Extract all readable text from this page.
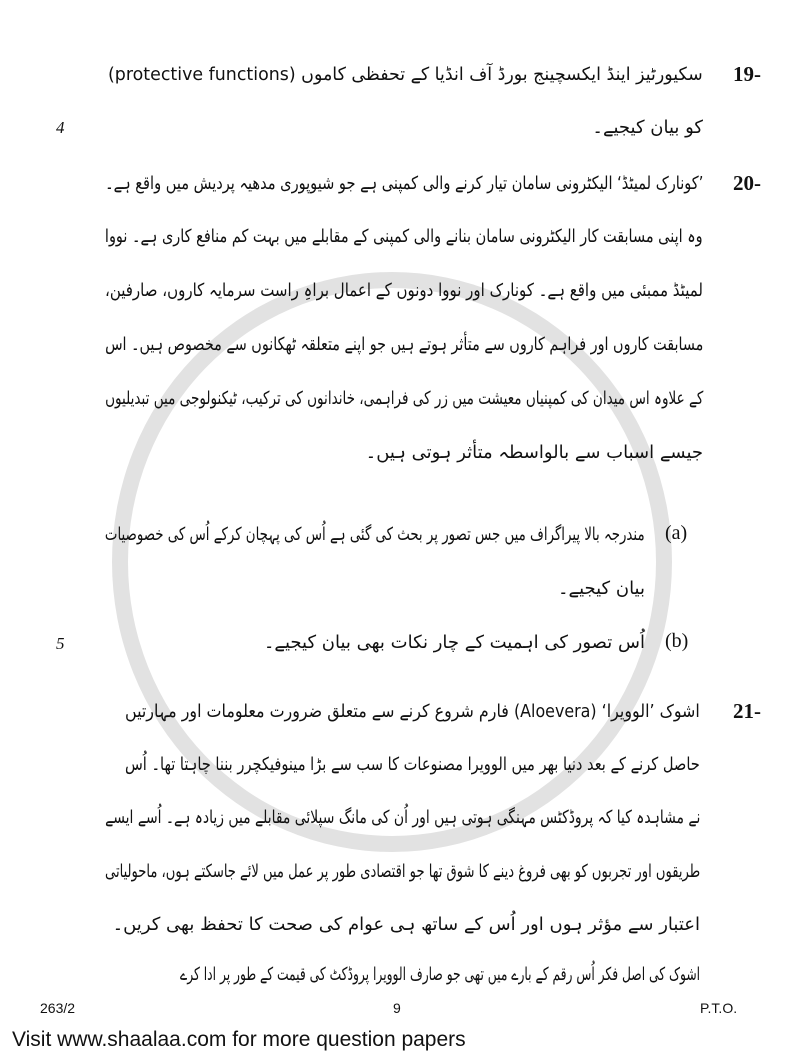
19-
سکیورٹیز اینڈ ایکسچینج بورڈ آف انڈیا کے تحفظی کاموں (protective functions)
کو بیان کیجیے۔
4
20-
’کونارک لمیٹڈ‘ الیکٹرونی سامان تیار کرنے والی کمپنی ہے جو شیوپوری مدھیہ پردیش میں واقع ہے۔
وہ اپنی مسابقت کار الیکٹرونی سامان بنانے والی کمپنی کے مقابلے میں بہت کم منافع کاری ہے۔ نووا
لمیٹڈ ممبئی میں واقع ہے۔ کونارک اور نووا دونوں کے اعمال براہِ راست سرمایہ کاروں، صارفین،
مسابقت کاروں اور فراہم کاروں سے متأثر ہوتے ہیں جو اپنے متعلقہ ٹھکانوں سے مخصوص ہیں۔ اس
کے علاوہ اس میدان کی کمپنیاں معیشت میں زر کی فراہمی، خاندانوں کی ترکیب، ٹیکنولوجی میں تبدیلیوں
جیسے اسباب سے بالواسطہ متأثر ہوتی ہیں۔
(a)
مندرجہ بالا پیراگراف میں جس تصور پر بحث کی گئی ہے اُس کی پہچان کرکے اُس کی خصوصیات
بیان کیجیے۔
(b)
اُس تصور کی اہمیت کے چار نکات بھی بیان کیجیے۔
5
21-
اشوک ’الوویرا‘ (Aloevera) فارم شروع کرنے سے متعلق ضرورت معلومات اور مہارتیں
حاصل کرنے کے بعد دنیا بھر میں الوویرا مصنوعات کا سب سے بڑا مینوفیکچرر بننا چاہتا تھا۔ اُس
نے مشاہدہ کیا کہ پروڈکٹس مہنگی ہوتی ہیں اور اُن کی مانگ سپلائی مقابلے میں زیادہ ہے۔ اُسے ایسے
طریقوں اور تجربوں کو بھی فروغ دینے کا شوق تھا جو اقتصادی طور پر عمل میں لائے جاسکتے ہوں، ماحولیاتی
اعتبار سے مؤثر ہوں اور اُس کے ساتھ ہی عوام کی صحت کا تحفظ بھی کریں۔
اشوک کی اصل فکر اُس رقم کے بارے میں تھی جو صارف الوویرا پروڈکٹ کی قیمت کے طور پر ادا کرے
263/2	9	P.T.O.
Visit www.shaalaa.com for more question papers
